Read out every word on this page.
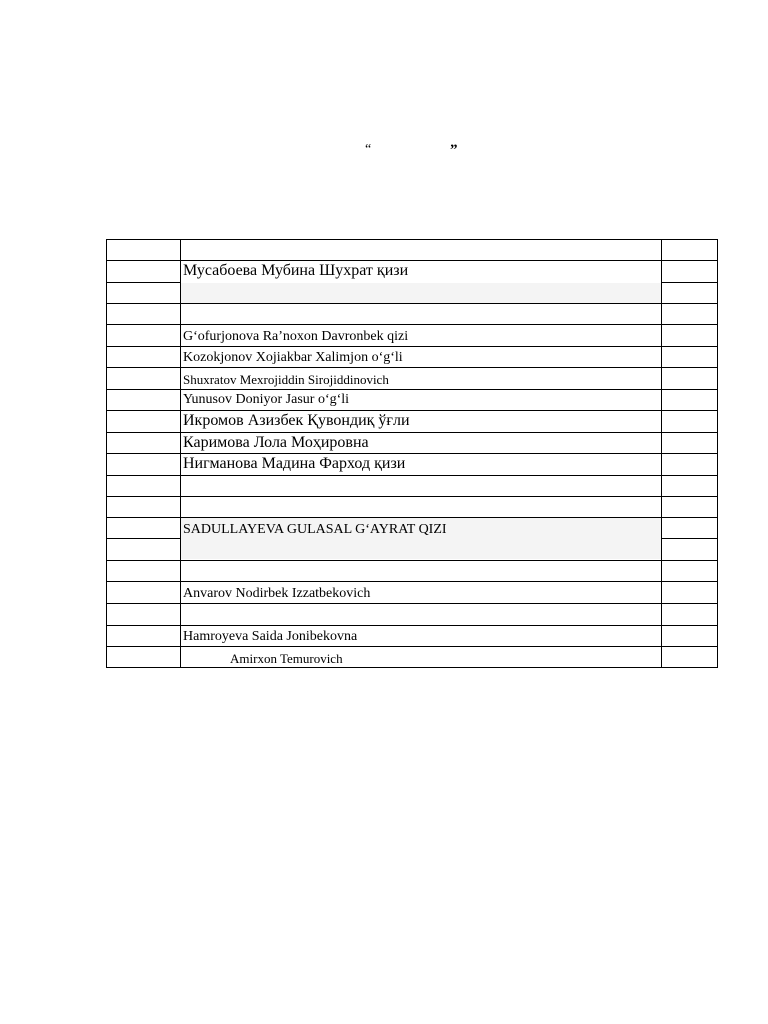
“	”
Мусабоева Мубина Шухрат қизи
G‘ofurjonova Ra’noxon Davronbek qizi
Kozokjonov Xojiakbar Xalimjon o‘g‘li
Shuxratov Mexrojiddin Sirojiddinovich
Yunusov Doniyor Jasur o‘g‘li
Икромов Азизбек Қувондиқ ўғли
Каримова Лола Моҳировна
Нигманова Мадина Фарход қизи
SADULLAYEVA GULASAL G‘AYRAT QIZI
Anvarov Nodirbek Izzatbekovich
Hamroyeva Saida Jonibekovna
Amirxon Temurovich
